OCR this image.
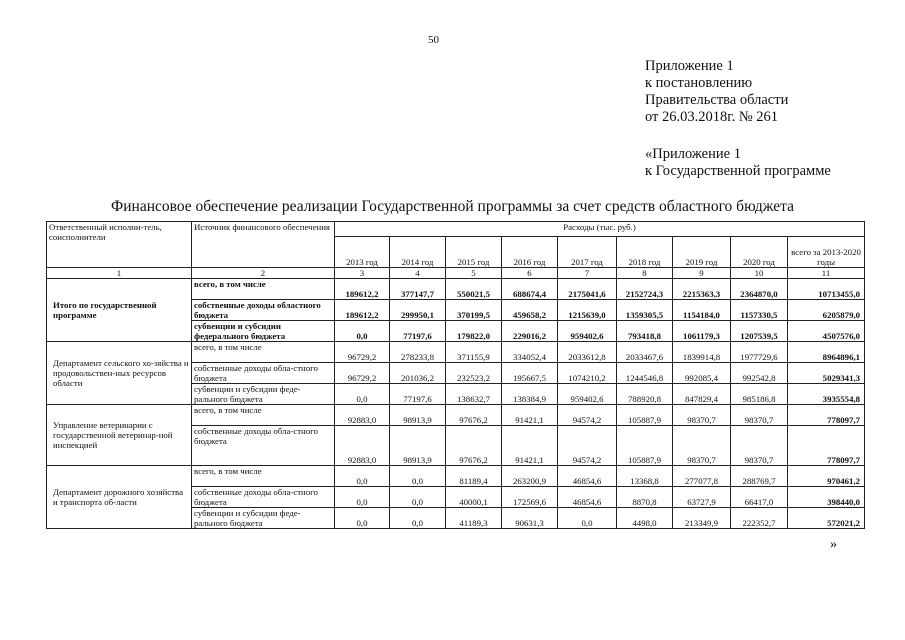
50
Приложение 1
к постановлению
Правительства области
от 26.03.2018г. № 261
«Приложение 1
к Государственной программе
Финансовое обеспечение реализации Государственной программы за счет средств областного бюджета
Ответственный исполни-тель, соисполнители	Источник финансового обеспечения	Расходы (тыс. руб.)								
		2013 год	2014 год	2015 год	2016 год	2017 год	2018 год	2019 год	2020 год	всего за 2013-2020 годы
1	2	3	4	5	6	7	8	9	10	11
Итого по государственной программе	всего, в том числе	189612,2	377147,7	550021,5	688674,4	2175041,6	2152724,3	2215363,3	2364870,0	10713455,0
	собственные доходы областного бюджета	189612,2	299950,1	370199,5	459658,2	1215639,0	1359305,5	1154184,0	1157330,5	6205879,0
	субвенции и субсидии федерального бюджета	0,0	77197,6	179822,0	229016,2	959402,6	793418,8	1061179,3	1207539,5	4507576,0
Департамент сельского хо-зяйства и продовольствен-ных ресурсов области	всего, в том числе	96729,2	278233,8	371155,9	334052,4	2033612,8	2033467,6	1839914,8	1977729,6	8964896,1
	собственные доходы обла-стного бюджета	96729,2	201036,2	232523,2	195667,5	1074210,2	1244546,8	992085,4	992542,8	5029341,3
	субвенции и субсидии феде-рального бюджета	0,0	77197,6	138632,7	138384,9	959402,6	788920,8	847829,4	985186,8	3935554,8
Управление ветеринарии с государственной ветеринар-ной инспекцией	всего, в том числе	92883,0	98913,9	97676,2	91421,1	94574,2	105887,9	98370,7	98370,7	778097,7
	собственные доходы обла-стного бюджета	92883,0	98913,9	97676,2	91421,1	94574,2	105887,9	98370,7	98370,7	778097,7
Департамент дорожного хозяйства и транспорта об-ласти	всего, в том числе	0,0	0,0	81189,4	263200,9	46854,6	13368,8	277077,8	288769,7	970461,2
	собственные доходы обла-стного бюджета	0,0	0,0	40000,1	172569,6	46854,6	8870,8	63727,9	66417,0	398440,0
	субвенции и субсидии феде-рального бюджета	0,0	0,0	41189,3	90631,3	0,0	4498,0	213349,9	222352,7	572021,2
»
